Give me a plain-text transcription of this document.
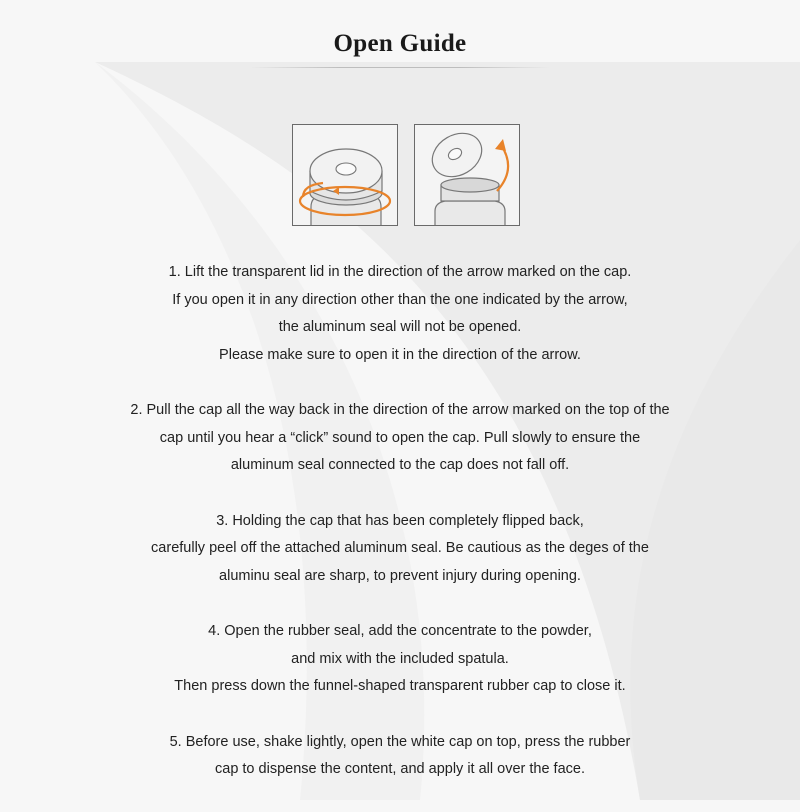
Open Guide
1. Lift the transparent lid in the direction of the arrow marked on the cap.
If you open it in any direction other than the one indicated by the arrow,
the aluminum seal will not be opened.
Please make sure to open it in the direction of the arrow.
2. Pull the cap all the way back in the direction of the arrow marked on the top of the
cap until you hear a “click” sound to open the cap. Pull slowly to ensure the
aluminum seal connected to the cap does not fall off.
3. Holding the cap that has been completely flipped back,
carefully peel off the attached aluminum seal. Be cautious as the deges of the
aluminu seal are sharp, to prevent injury during opening.
4. Open the rubber seal, add the concentrate to the powder,
and mix with the included spatula.
Then press down the funnel-shaped transparent rubber cap to close it.
5. Before use, shake lightly, open the white cap on top, press the rubber
cap to dispense the content, and apply it all over the face.
